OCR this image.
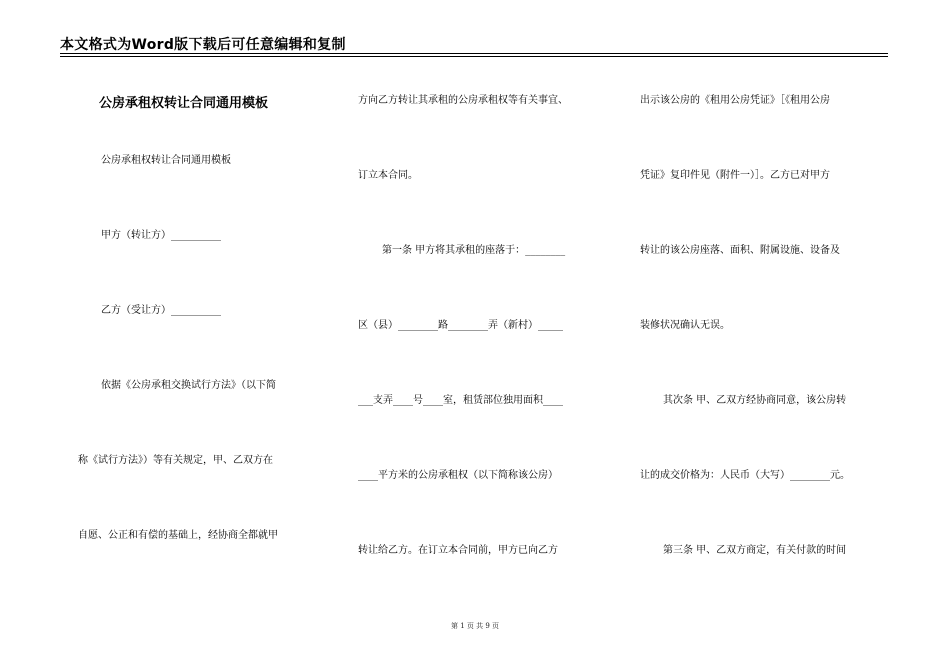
本文格式为Word版下载后可任意编辑和复制
公房承租权转让合同通用模板
公房承租权转让合同通用模板
甲方（转让方）__________
乙方（受让方）__________
依据《公房承租交换试行方法》（以下简
称《试行方法》）等有关规定，甲、乙双方在
自愿、公正和有偿的基础上，经协商全都就甲
方向乙方转让其承租的公房承租权等有关事宜、
订立本合同。
第一条 甲方将其承租的座落于：________
区（县）________路________弄（新村）_____
___支弄____号____室，租赁部位独用面积____
____平方米的公房承租权（以下简称该公房）
转让给乙方。在订立本合同前，甲方已向乙方
出示该公房的《租用公房凭证》［《租用公房
凭证》复印件见（附件一）］。乙方已对甲方
转让的该公房座落、面积、附属设施、设备及
装修状况确认无误。
其次条 甲、乙双方经协商同意，该公房转
让的成交价格为：人民币（大写）________元。
第三条 甲、乙双方商定，有关付款的时间
第 1 页 共 9 页
